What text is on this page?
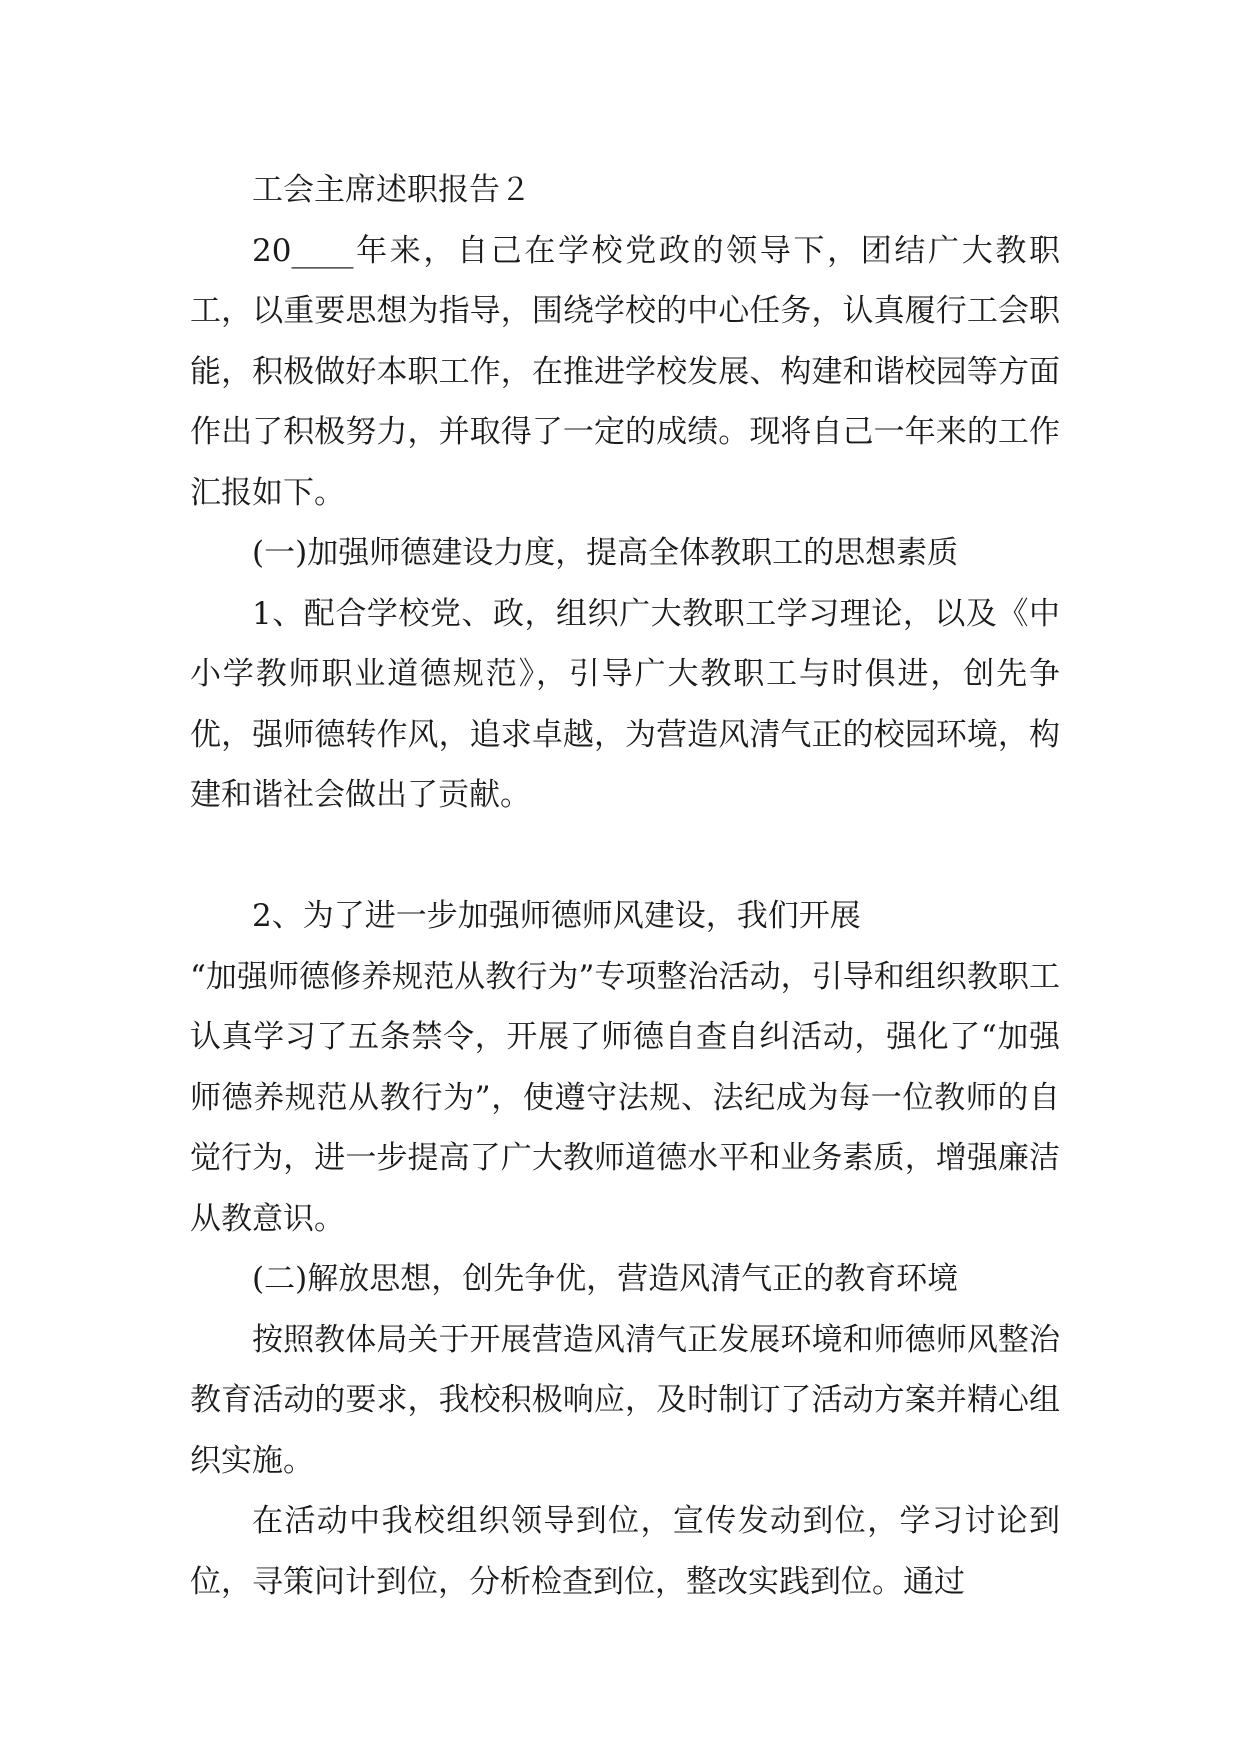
工会主席述职报告２

20____年来，自己在学校党政的领导下，团结广大教职工，以重要思想为指导，围绕学校的中心任务，认真履行工会职能，积极做好本职工作，在推进学校发展、构建和谐校园等方面作出了积极努力，并取得了一定的成绩。现将自己一年来的工作汇报如下。

(一)加强师德建设力度，提高全体教职工的思想素质

1、配合学校党、政，组织广大教职工学习理论，以及《中小学教师职业道德规范》，引导广大教职工与时俱进，创先争优，强师德转作风，追求卓越，为营造风清气正的校园环境，构建和谐社会做出了贡献。

2、为了进一步加强师德师风建设，我们开展

“加强师德修养规范从教行为”专项整治活动，引导和组织教职工认真学习了五条禁令，开展了师德自查自纠活动，强化了“加强师德养规范从教行为”，使遵守法规、法纪成为每一位教师的自觉行为，进一步提高了广大教师道德水平和业务素质，增强廉洁从教意识。

(二)解放思想，创先争优，营造风清气正的教育环境

按照教体局关于开展营造风清气正发展环境和师德师风整治教育活动的要求，我校积极响应，及时制订了活动方案并精心组织实施。

在活动中我校组织领导到位，宣传发动到位，学习讨论到位，寻策问计到位，分析检查到位，整改实践到位。通过
